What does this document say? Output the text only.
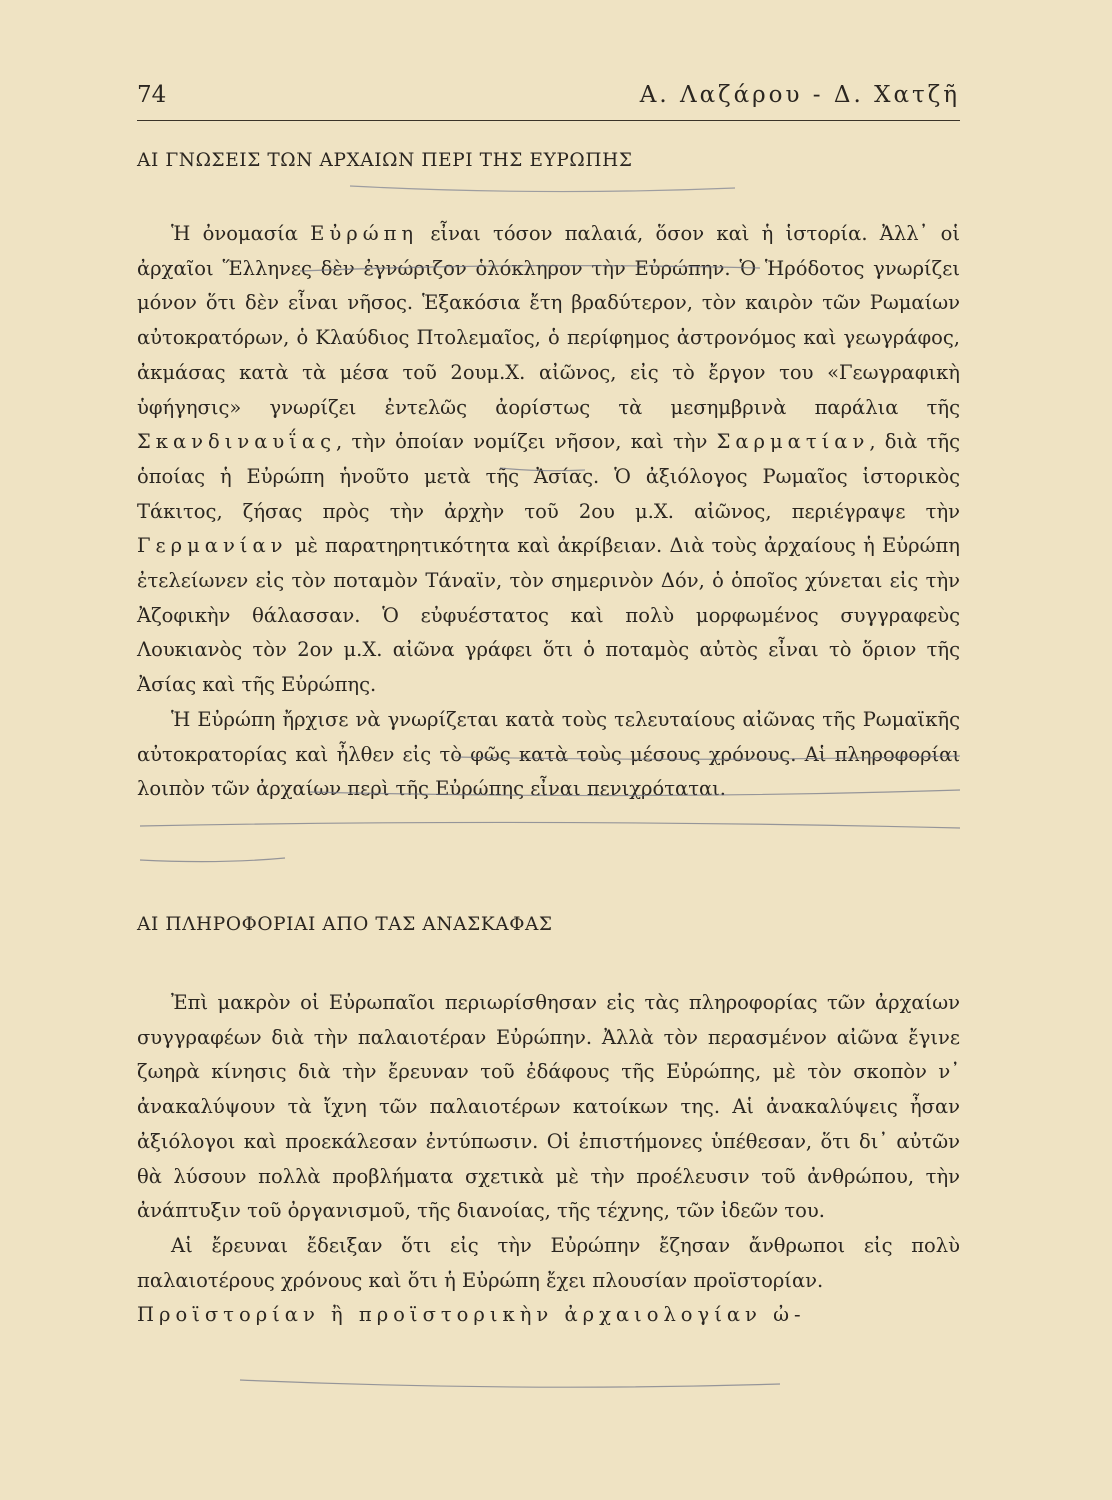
74	Α. Λαζάρου - Δ. Χατζῆ
ΑΙ ΓΝΩΣΕΙΣ ΤΩΝ ΑΡΧΑΙΩΝ ΠΕΡΙ ΤΗΣ ΕΥΡΩΠΗΣ

Ἡ ὀνομασία Εὐρώπη εἶναι τόσον παλαιά, ὅσον καὶ ἡ ἱστορία. Ἀλλ᾿ οἱ ἀρχαῖοι Ἕλληνες δὲν ἐγνώριζον ὁλόκληρον τὴν Εὐρώπην. Ὁ Ἡρόδοτος γνωρίζει μόνον ὅτι δὲν εἶναι νῆσος. Ἑξακόσια ἔτη βραδύτερον, τὸν καιρὸν τῶν Ρωμαίων αὐτοκρατόρων, ὁ Κλαύδιος Πτολεμαῖος, ὁ περίφημος ἀστρονόμος καὶ γεωγράφος, ἀκμάσας κατὰ τὰ μέσα τοῦ 2ουμ.Χ. αἰῶνος, εἰς τὸ ἔργον του «Γεωγραφικὴ ὑφήγησις» γνωρίζει ἐντελῶς ἀορίστως τὰ μεσημβρινὰ παράλια τῆς Σκανδιναυΐας, τὴν ὁποίαν νομίζει νῆσον, καὶ τὴν Σαρματίαν, διὰ τῆς ὁποίας ἡ Εὐρώπη ἡνοῦτο μετὰ τῆς Ἀσίας. Ὁ ἀξιόλογος Ρωμαῖος ἱστορικὸς Τάκιτος, ζήσας πρὸς τὴν ἀρχὴν τοῦ 2ου μ.Χ. αἰῶνος, περιέγραψε τὴν Γερμανίαν μὲ παρατηρητικότητα καὶ ἀκρίβειαν. Διὰ τοὺς ἀρχαίους ἡ Εὐρώπη ἐτελείωνεν εἰς τὸν ποταμὸν Τάναϊν, τὸν σημερινὸν Δόν, ὁ ὁποῖος χύνεται εἰς τὴν Ἀζοφικὴν θάλασσαν. Ὁ εὐφυέστατος καὶ πολὺ μορφωμένος συγγραφεὺς Λουκιανὸς τὸν 2ον μ.Χ. αἰῶνα γράφει ὅτι ὁ ποταμὸς αὐτὸς εἶναι τὸ ὅριον τῆς Ἀσίας καὶ τῆς Εὐρώπης.

Ἡ Εὐρώπη ἤρχισε νὰ γνωρίζεται κατὰ τοὺς τελευταίους αἰῶνας τῆς Ρωμαϊκῆς αὐτοκρατορίας καὶ ἦλθεν εἰς τὸ φῶς κατὰ τοὺς μέσους χρόνους. Αἱ πληροφορίαι λοιπὸν τῶν ἀρχαίων περὶ τῆς Εὐρώπης εἶναι πενιχρόταται.

ΑΙ ΠΛΗΡΟΦΟΡΙΑΙ ΑΠΟ ΤΑΣ ΑΝΑΣΚΑΦΑΣ

Ἐπὶ μακρὸν οἱ Εὐρωπαῖοι περιωρίσθησαν εἰς τὰς πληροφορίας τῶν ἀρχαίων συγγραφέων διὰ τὴν παλαιοτέραν Εὐρώπην. Ἀλλὰ τὸν περασμένον αἰῶνα ἔγινε ζωηρὰ κίνησις διὰ τὴν ἔρευναν τοῦ ἐδάφους τῆς Εὐρώπης, μὲ τὸν σκοπὸν ν᾿ ἀνακαλύψουν τὰ ἴχνη τῶν παλαιοτέρων κατοίκων της. Αἱ ἀνακαλύψεις ἦσαν ἀξιόλογοι καὶ προεκάλεσαν ἐντύπωσιν. Οἱ ἐπιστήμονες ὑπέθεσαν, ὅτι δι᾿ αὐτῶν θὰ λύσουν πολλὰ προβλήματα σχετικὰ μὲ τὴν προέλευσιν τοῦ ἀνθρώπου, τὴν ἀνάπτυξιν τοῦ ὀργανισμοῦ, τῆς διανοίας, τῆς τέχνης, τῶν ἰδεῶν του.

Αἱ ἔρευναι ἔδειξαν ὅτι εἰς τὴν Εὐρώπην ἔζησαν ἄνθρωποι εἰς πολὺ παλαιοτέρους χρόνους καὶ ὅτι ἡ Εὐρώπη ἔχει πλουσίαν προϊστορίαν.

Προϊστορίαν ἢ προϊστορικὴν ἀρχαιολογίαν ὠ-
